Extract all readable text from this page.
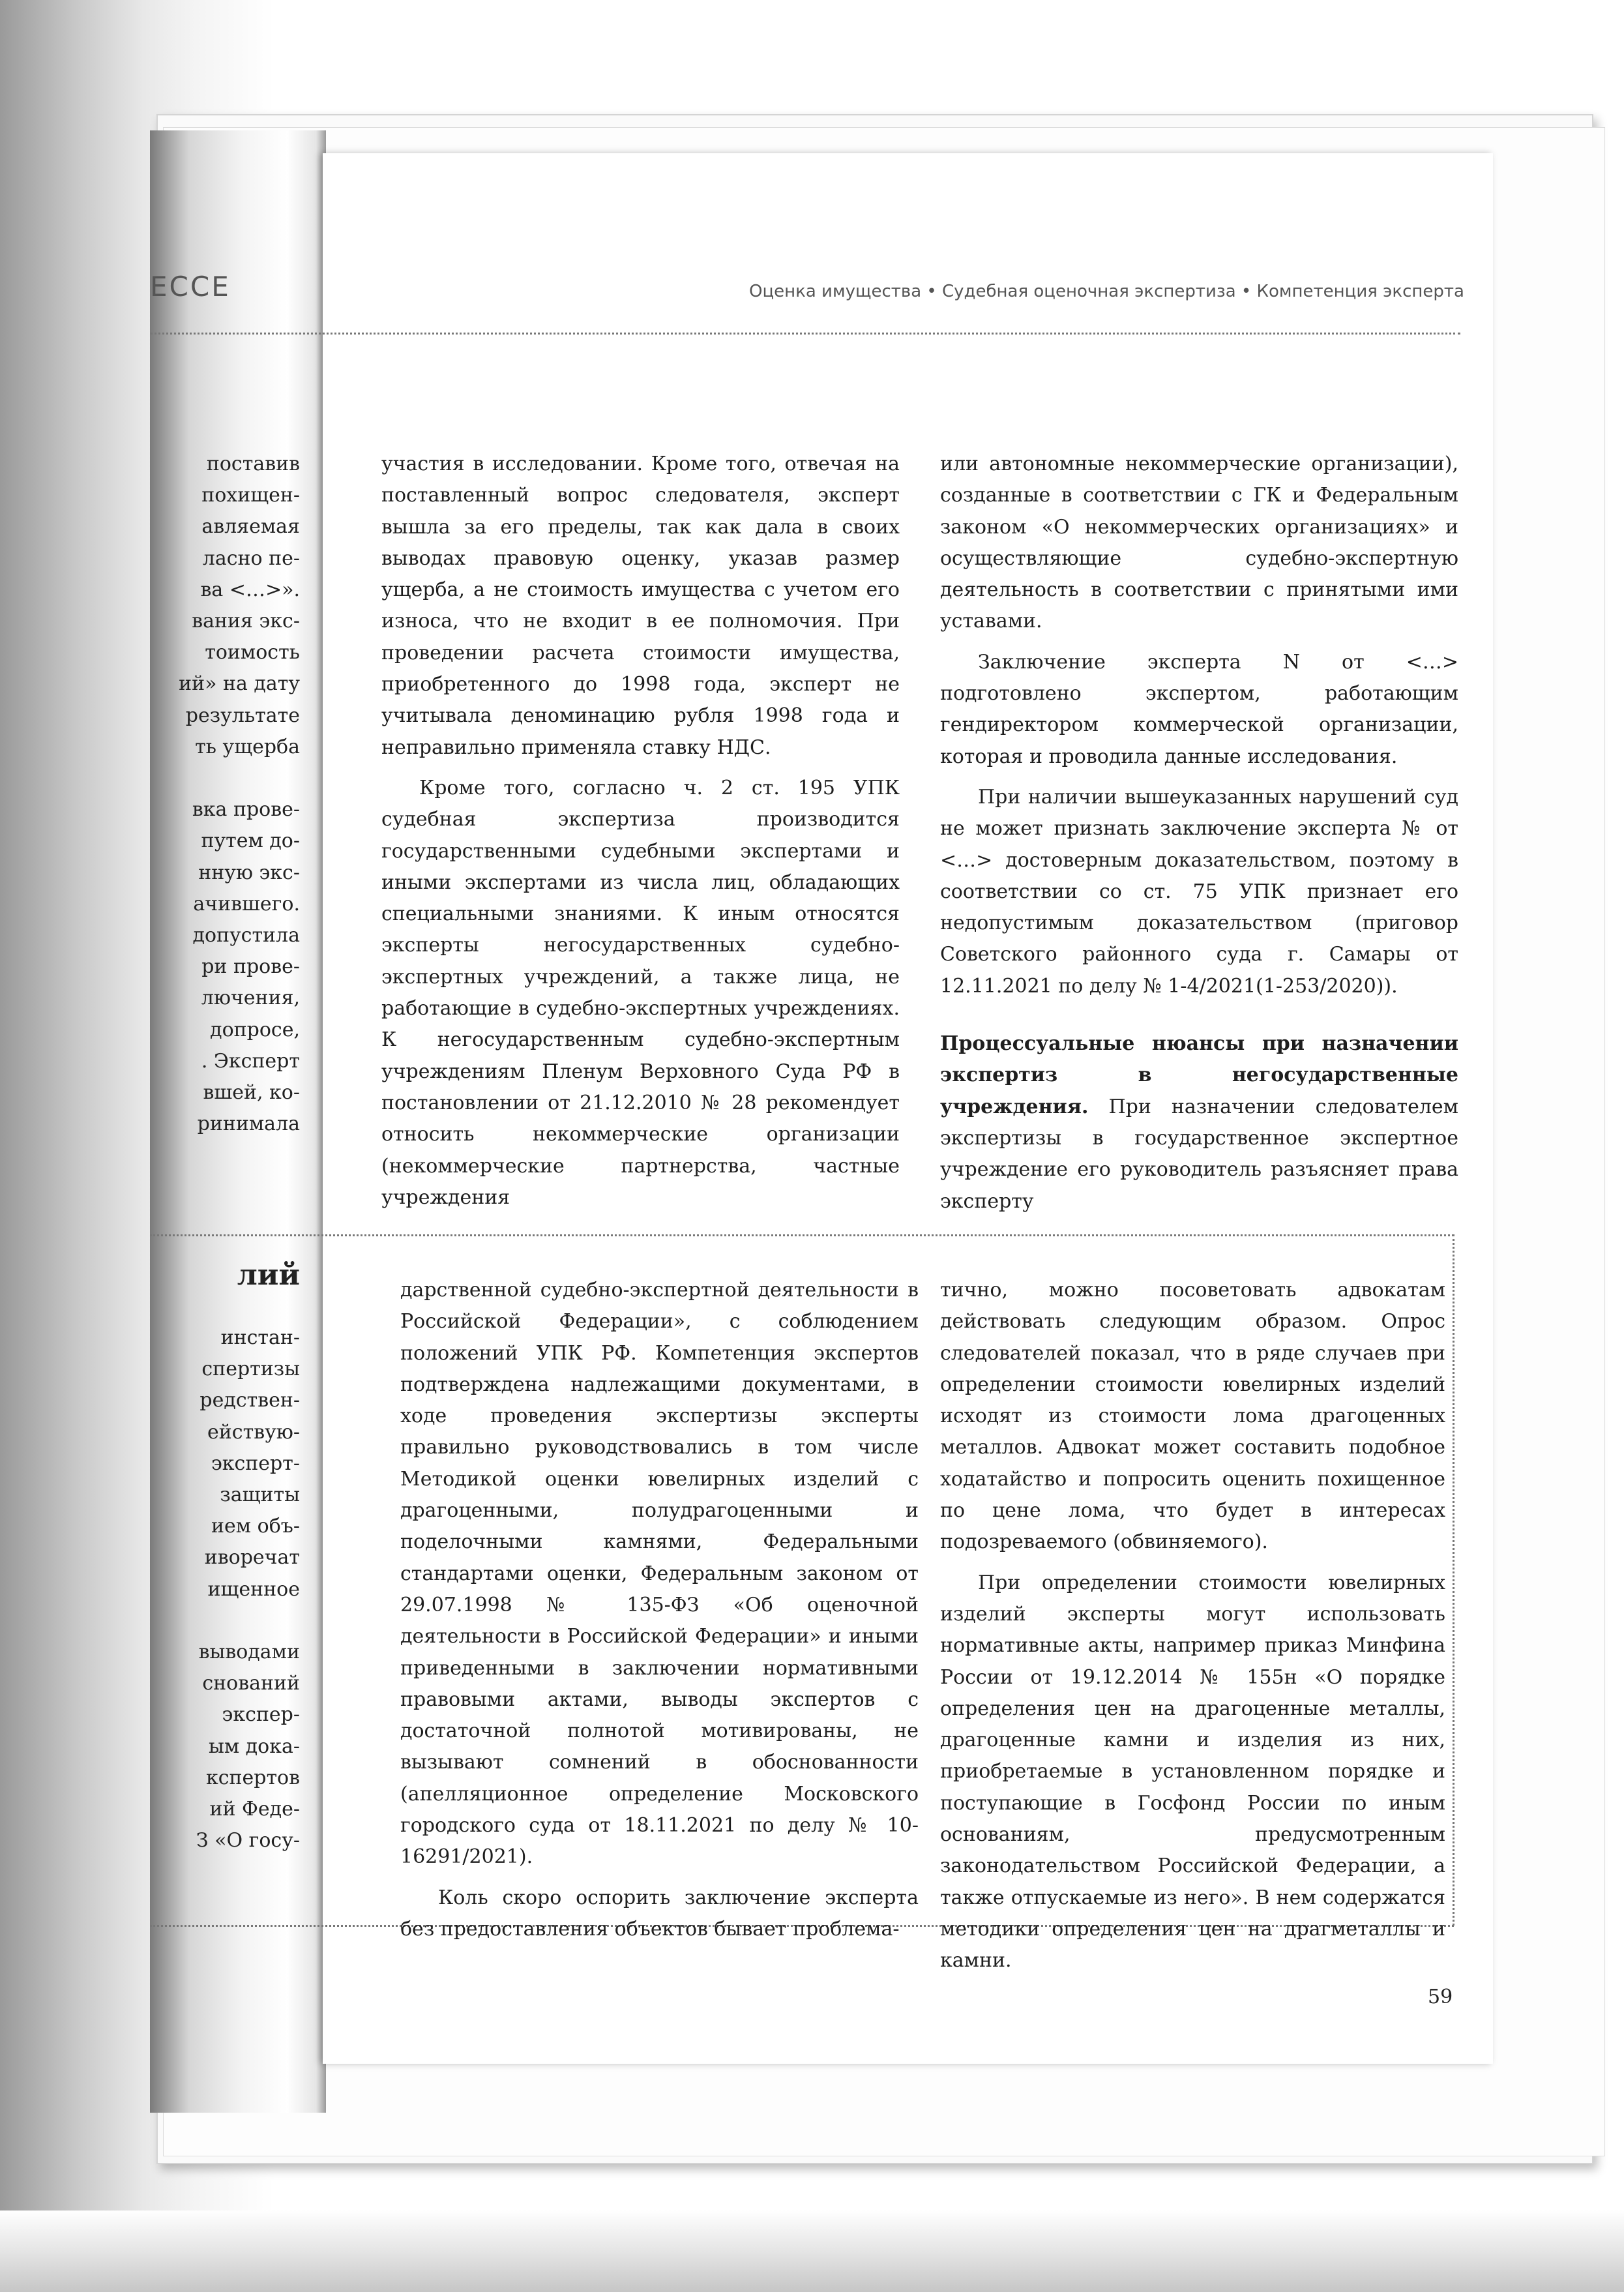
ЕССЕ	Оценка имущества • Судебная оценочная экспертиза • Компетенция эксперта
поставив
похищен-
авляемая
ласно пе-
ва <…>».
вания экс-
тоимость
ий» на дату
результате
ть ущерба
вка прове-
путем до-
нную экс-
ачившего.
допустила
ри прове-
лючения,
допросе,
. Эксперт
вшей, ко-
ринимала
лий
инстан-
спертизы
редствен-
ействую-
эксперт-
защиты
ием объ-
иворечат
ищенное
выводами
снований
экспер-
ым дока-
кспертов
ий Феде-
З «О госу-

участия в исследовании. Кроме того, отвечая на поставленный вопрос следователя, эксперт вышла за его пределы, так как дала в своих выводах правовую оценку, указав размер ущерба, а не стоимость имущества с учетом его износа, что не входит в ее полномочия. При проведении расчета стоимости имущества, приобретенного до 1998 года, эксперт не учитывала деноминацию рубля 1998 года и неправильно применяла ставку НДС.

Кроме того, согласно ч. 2 ст. 195 УПК судебная экспертиза производится государственными судебными экспертами и иными экспертами из числа лиц, обладающих специальными знаниями. К иным относятся эксперты негосударственных судебно-экспертных учреждений, а также лица, не работающие в судебно-экспертных учреждениях. К негосударственным судебно-экспертным учреждениям Пленум Верховного Суда РФ в постановлении от 21.12.2010 № 28 рекомендует относить некоммерческие организации (некоммерческие партнерства, частные учреждения

или автономные некоммерческие организации), созданные в соответствии с ГК и Федеральным законом «О некоммерческих организациях» и осуществляющие судебно-экспертную деятельность в соответствии с принятыми ими уставами.

Заключение эксперта N от <…> подготовлено экспертом, работающим гендиректором коммерческой организации, которая и проводила данные исследования.

При наличии вышеуказанных нарушений суд не может признать заключение эксперта № от <…> достоверным доказательством, поэтому в соответствии со ст. 75 УПК признает его недопустимым доказательством (приговор Советского районного суда г. Самары от 12.11.2021 по делу № 1-4/2021(1-253/2020)).

Процессуальные нюансы при назначении экспертиз в негосударственные учреждения. При назначении следователем экспертизы в государственное экспертное учреждение его руководитель разъясняет права эксперту

дарственной судебно-экспертной деятельности в Российской Федерации», с соблюдением положений УПК РФ. Компетенция экспертов подтверждена надлежащими документами, в ходе проведения экспертизы эксперты правильно руководствовались в том числе Методикой оценки ювелирных изделий с драгоценными, полудрагоценными и поделочными камнями, Федеральными стандартами оценки, Федеральным законом от 29.07.1998 № 135-ФЗ «Об оценочной деятельности в Российской Федерации» и иными приведенными в заключении нормативными правовыми актами, выводы экспертов с достаточной полнотой мотивированы, не вызывают сомнений в обоснованности (апелляционное определение Московского городского суда от 18.11.2021 по делу № 10-16291/2021).

Коль скоро оспорить заключение эксперта без предоставления объектов бывает проблема-

тично, можно посоветовать адвокатам действовать следующим образом. Опрос следователей показал, что в ряде случаев при определении стоимости ювелирных изделий исходят из стоимости лома драгоценных металлов. Адвокат может составить подобное ходатайство и попросить оценить похищенное по цене лома, что будет в интересах подозреваемого (обвиняемого).

При определении стоимости ювелирных изделий эксперты могут использовать нормативные акты, например приказ Минфина России от 19.12.2014 № 155н «О порядке определения цен на драгоценные металлы, драгоценные камни и изделия из них, приобретаемые в установленном порядке и поступающие в Госфонд России по иным основаниям, предусмотренным законодательством Российской Федерации, а также отпускаемые из него». В нем содержатся методики определения цен на драгметаллы и камни.

59
